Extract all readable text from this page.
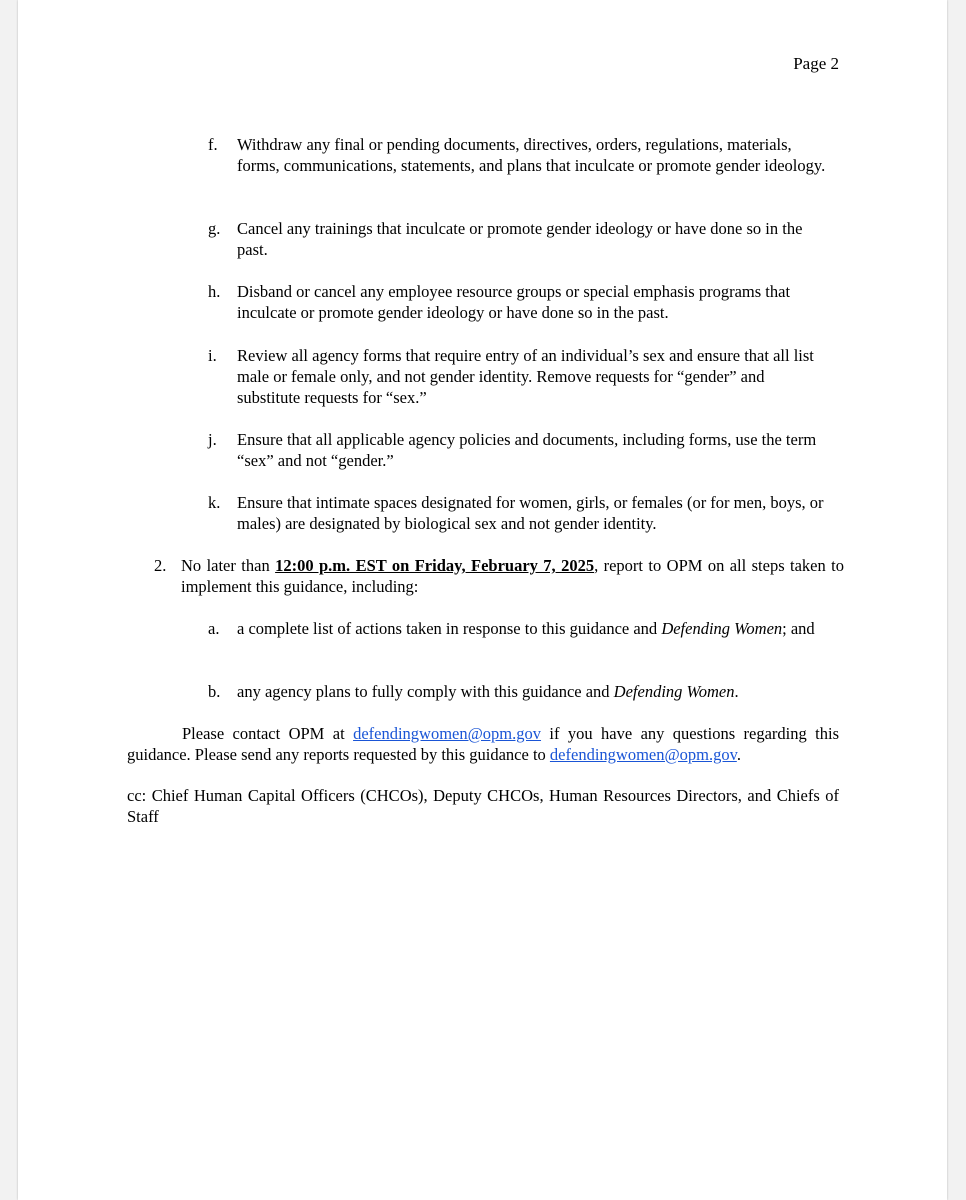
Page 2
f. Withdraw any final or pending documents, directives, orders, regulations, materials, forms, communications, statements, and plans that inculcate or promote gender ideology.
g. Cancel any trainings that inculcate or promote gender ideology or have done so in the past.
h. Disband or cancel any employee resource groups or special emphasis programs that inculcate or promote gender ideology or have done so in the past.
i. Review all agency forms that require entry of an individual’s sex and ensure that all list male or female only, and not gender identity. Remove requests for “gender” and substitute requests for “sex.”
j. Ensure that all applicable agency policies and documents, including forms, use the term “sex” and not “gender.”
k. Ensure that intimate spaces designated for women, girls, or females (or for men, boys, or males) are designated by biological sex and not gender identity.
2. No later than 12:00 p.m. EST on Friday, February 7, 2025, report to OPM on all steps taken to implement this guidance, including:
a. a complete list of actions taken in response to this guidance and Defending Women; and
b. any agency plans to fully comply with this guidance and Defending Women.
Please contact OPM at defendingwomen@opm.gov if you have any questions regarding this guidance. Please send any reports requested by this guidance to defendingwomen@opm.gov.
cc: Chief Human Capital Officers (CHCOs), Deputy CHCOs, Human Resources Directors, and Chiefs of Staff
